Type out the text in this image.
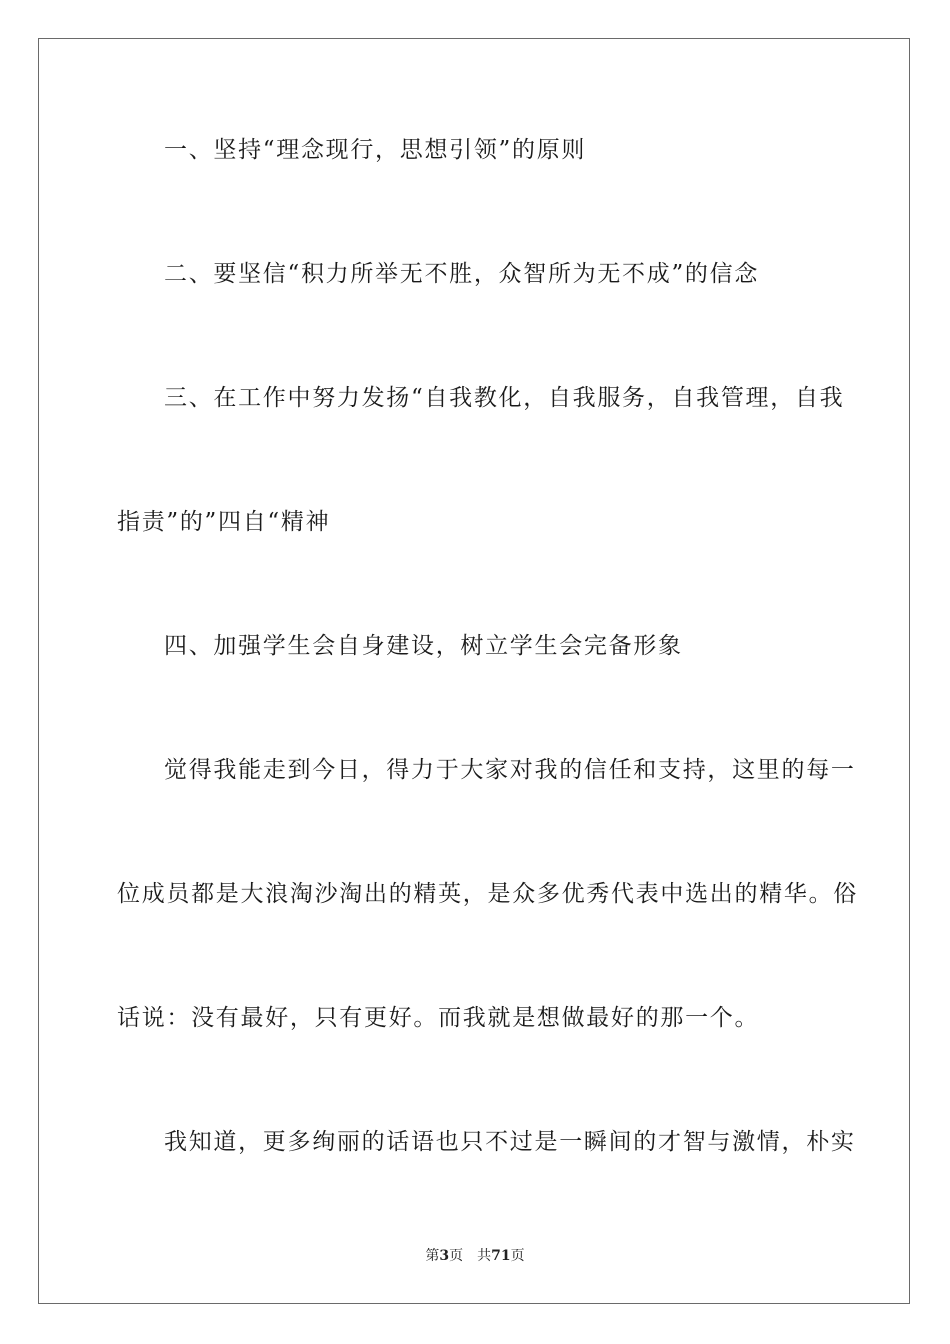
一、坚持“理念现行，思想引领”的原则
二、要坚信“积力所举无不胜，众智所为无不成”的信念
三、在工作中努力发扬“自我教化，自我服务，自我管理，自我
指责”的”四自“精神
四、加强学生会自身建设，树立学生会完备形象
觉得我能走到今日，得力于大家对我的信任和支持，这里的每一
位成员都是大浪淘沙淘出的精英，是众多优秀代表中选出的精华。俗
话说：没有最好，只有更好。而我就是想做最好的那一个。
我知道，更多绚丽的话语也只不过是一瞬间的才智与激情，朴实
第3页 共71页
